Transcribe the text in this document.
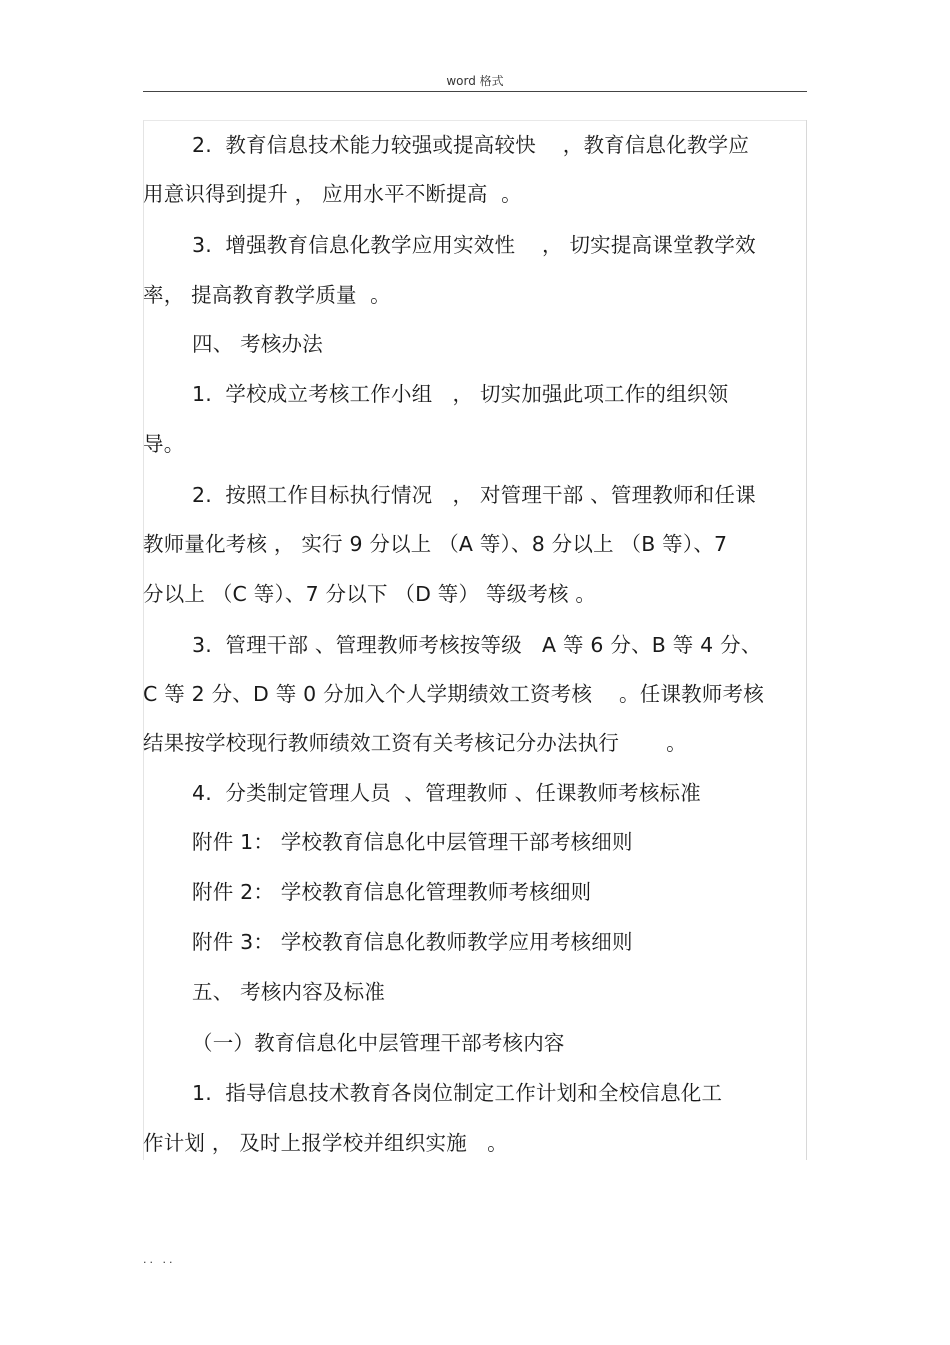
word 格式
2.  教育信息技术能力较强或提高较快    ，教育信息化教学应
用意识得到提升 ， 应用水平不断提高  。
3.  增强教育信息化教学应用实效性    ， 切实提高课堂教学效
率， 提高教育教学质量  。
四、 考核办法
1.  学校成立考核工作小组   ， 切实加强此项工作的组织领
导。
2.  按照工作目标执行情况   ， 对管理干部 、管理教师和任课
教师量化考核 ， 实行 9 分以上 （A 等）、8 分以上 （B 等）、7
分以上 （C 等）、7 分以下 （D 等） 等级考核 。
3.  管理干部 、管理教师考核按等级   A 等 6 分、B 等 4 分、
C 等 2 分、D 等 0 分加入个人学期绩效工资考核    。任课教师考核
结果按学校现行教师绩效工资有关考核记分办法执行       。
4.  分类制定管理人员  、管理教师 、任课教师考核标准
附件 1： 学校教育信息化中层管理干部考核细则
附件 2： 学校教育信息化管理教师考核细则
附件 3： 学校教育信息化教师教学应用考核细则
五、 考核内容及标准
（一）教育信息化中层管理干部考核内容
1.  指导信息技术教育各岗位制定工作计划和全校信息化工
作计划 ， 及时上报学校并组织实施   。
.. ..
